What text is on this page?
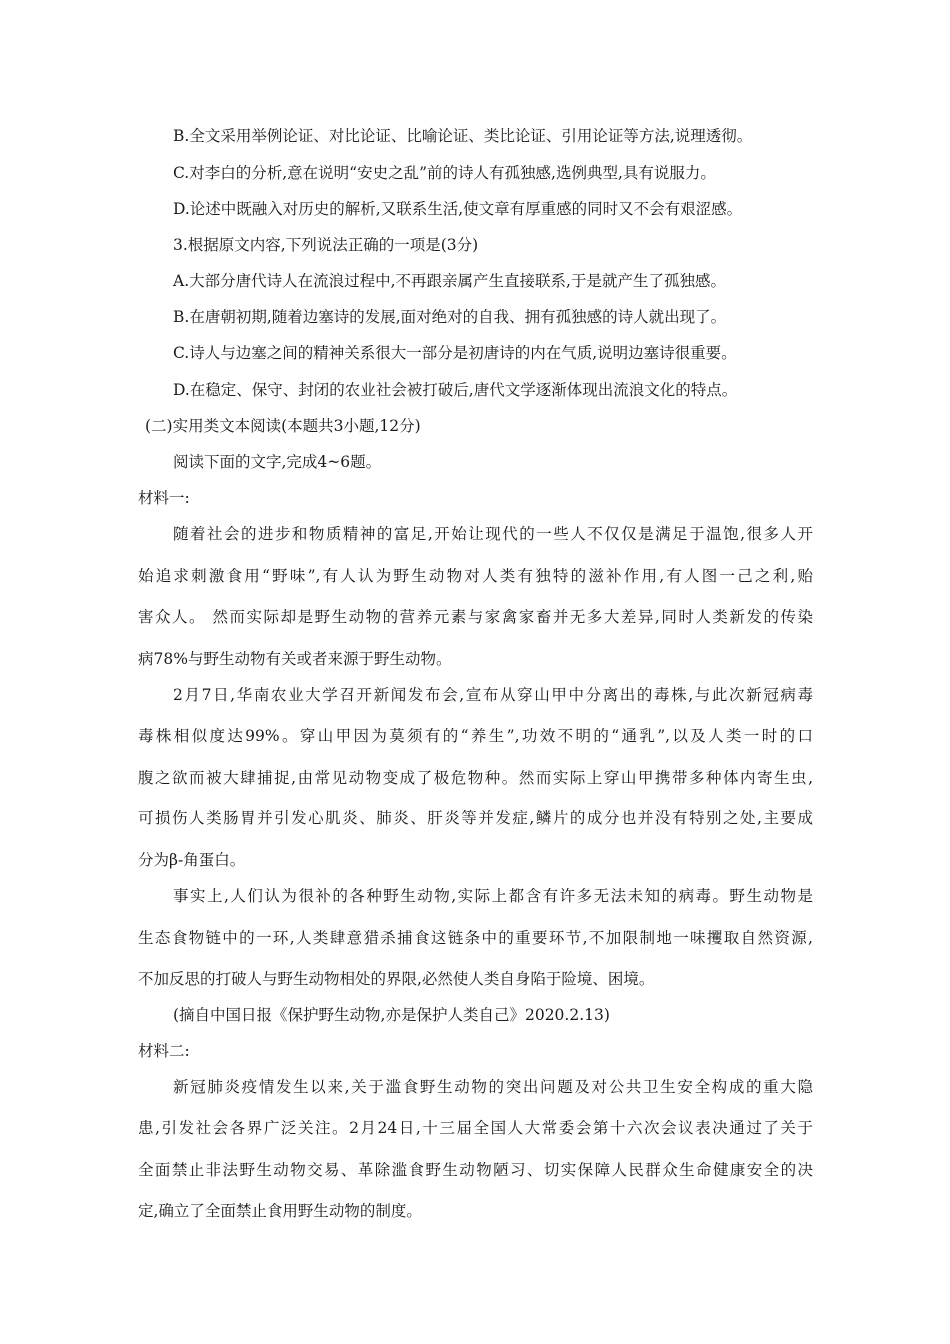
B.全文采用举例论证、对比论证、比喻论证、类比论证、引用论证等方法,说理透彻。
C.对李白的分析,意在说明“安史之乱”前的诗人有孤独感,选例典型,具有说服力。
D.论述中既融入对历史的解析,又联系生活,使文章有厚重感的同时又不会有艰涩感。
3.根据原文内容,下列说法正确的一项是(3分)
A.大部分唐代诗人在流浪过程中,不再跟亲属产生直接联系,于是就产生了孤独感。
B.在唐朝初期,随着边塞诗的发展,面对绝对的自我、拥有孤独感的诗人就出现了。
C.诗人与边塞之间的精神关系很大一部分是初唐诗的内在气质,说明边塞诗很重要。
D.在稳定、保守、封闭的农业社会被打破后,唐代文学逐渐体现出流浪文化的特点。
(二)实用类文本阅读(本题共3小题,12分)
阅读下面的文字,完成4~6题。
材料一:
随着社会的进步和物质精神的富足,开始让现代的一些人不仅仅是满足于温饱,很多人开
始追求刺激食用“野味”,有人认为野生动物对人类有独特的滋补作用,有人图一己之利,贻
害众人。 然而实际却是野生动物的营养元素与家禽家畜并无多大差异,同时人类新发的传染
病78%与野生动物有关或者来源于野生动物。
2月7日,华南农业大学召开新闻发布会,宣布从穿山甲中分离出的毒株,与此次新冠病毒
毒株相似度达99%。穿山甲因为莫须有的“养生”,功效不明的“通乳”,以及人类一时的口
腹之欲而被大肆捕捉,由常见动物变成了极危物种。然而实际上穿山甲携带多种体内寄生虫,
可损伤人类肠胃并引发心肌炎、肺炎、肝炎等并发症,鳞片的成分也并没有特别之处,主要成
分为β-角蛋白。
事实上,人们认为很补的各种野生动物,实际上都含有许多无法未知的病毒。野生动物是
生态食物链中的一环,人类肆意猎杀捕食这链条中的重要环节,不加限制地一味攫取自然资源,
不加反思的打破人与野生动物相处的界限,必然使人类自身陷于险境、困境。
(摘自中国日报《保护野生动物,亦是保护人类自己》2020.2.13)
材料二:
新冠肺炎疫情发生以来,关于滥食野生动物的突出问题及对公共卫生安全构成的重大隐
患,引发社会各界广泛关注。2月24日,十三届全国人大常委会第十六次会议表决通过了关于
全面禁止非法野生动物交易、革除滥食野生动物陋习、切实保障人民群众生命健康安全的决
定,确立了全面禁止食用野生动物的制度。
